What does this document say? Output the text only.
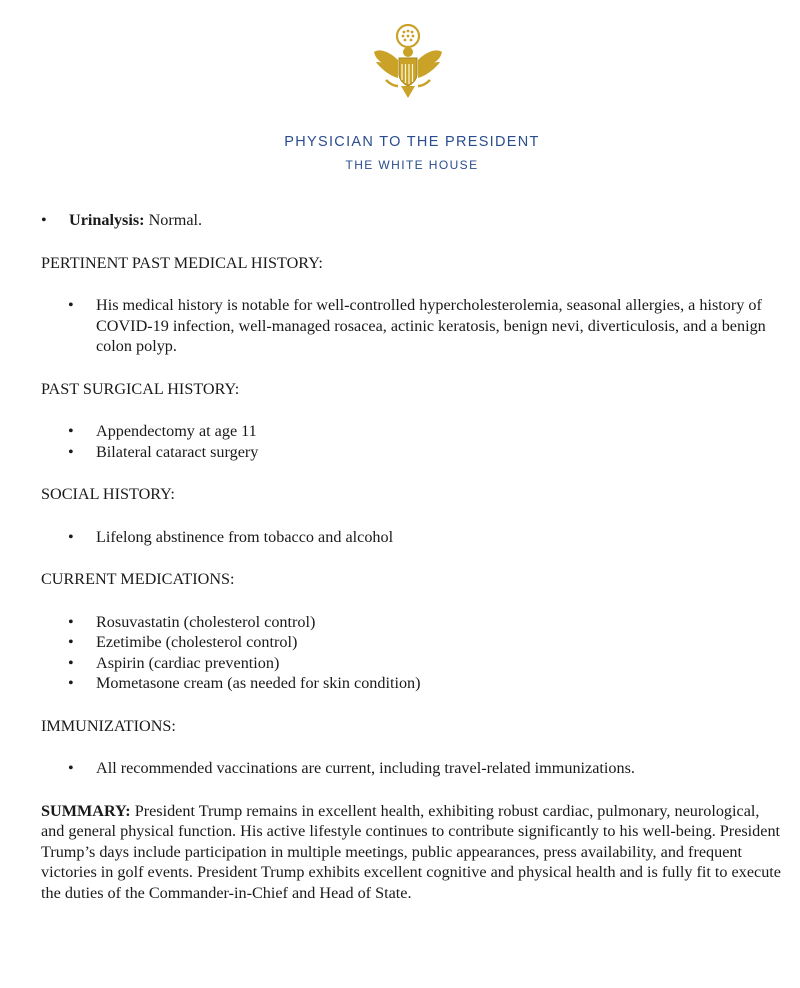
PHYSICIAN TO THE PRESIDENT
THE WHITE HOUSE
• Urinalysis: Normal.
PERTINENT PAST MEDICAL HISTORY:
• His medical history is notable for well-controlled hypercholesterolemia, seasonal allergies, a history of COVID-19 infection, well-managed rosacea, actinic keratosis, benign nevi, diverticulosis, and a benign colon polyp.
PAST SURGICAL HISTORY:
• Appendectomy at age 11
• Bilateral cataract surgery
SOCIAL HISTORY:
• Lifelong abstinence from tobacco and alcohol
CURRENT MEDICATIONS:
• Rosuvastatin (cholesterol control)
• Ezetimibe (cholesterol control)
• Aspirin (cardiac prevention)
• Mometasone cream (as needed for skin condition)
IMMUNIZATIONS:
• All recommended vaccinations are current, including travel-related immunizations.
SUMMARY: President Trump remains in excellent health, exhibiting robust cardiac, pulmonary, neurological, and general physical function. His active lifestyle continues to contribute significantly to his well-being. President Trump’s days include participation in multiple meetings, public appearances, press availability, and frequent victories in golf events. President Trump exhibits excellent cognitive and physical health and is fully fit to execute the duties of the Commander-in-Chief and Head of State.
